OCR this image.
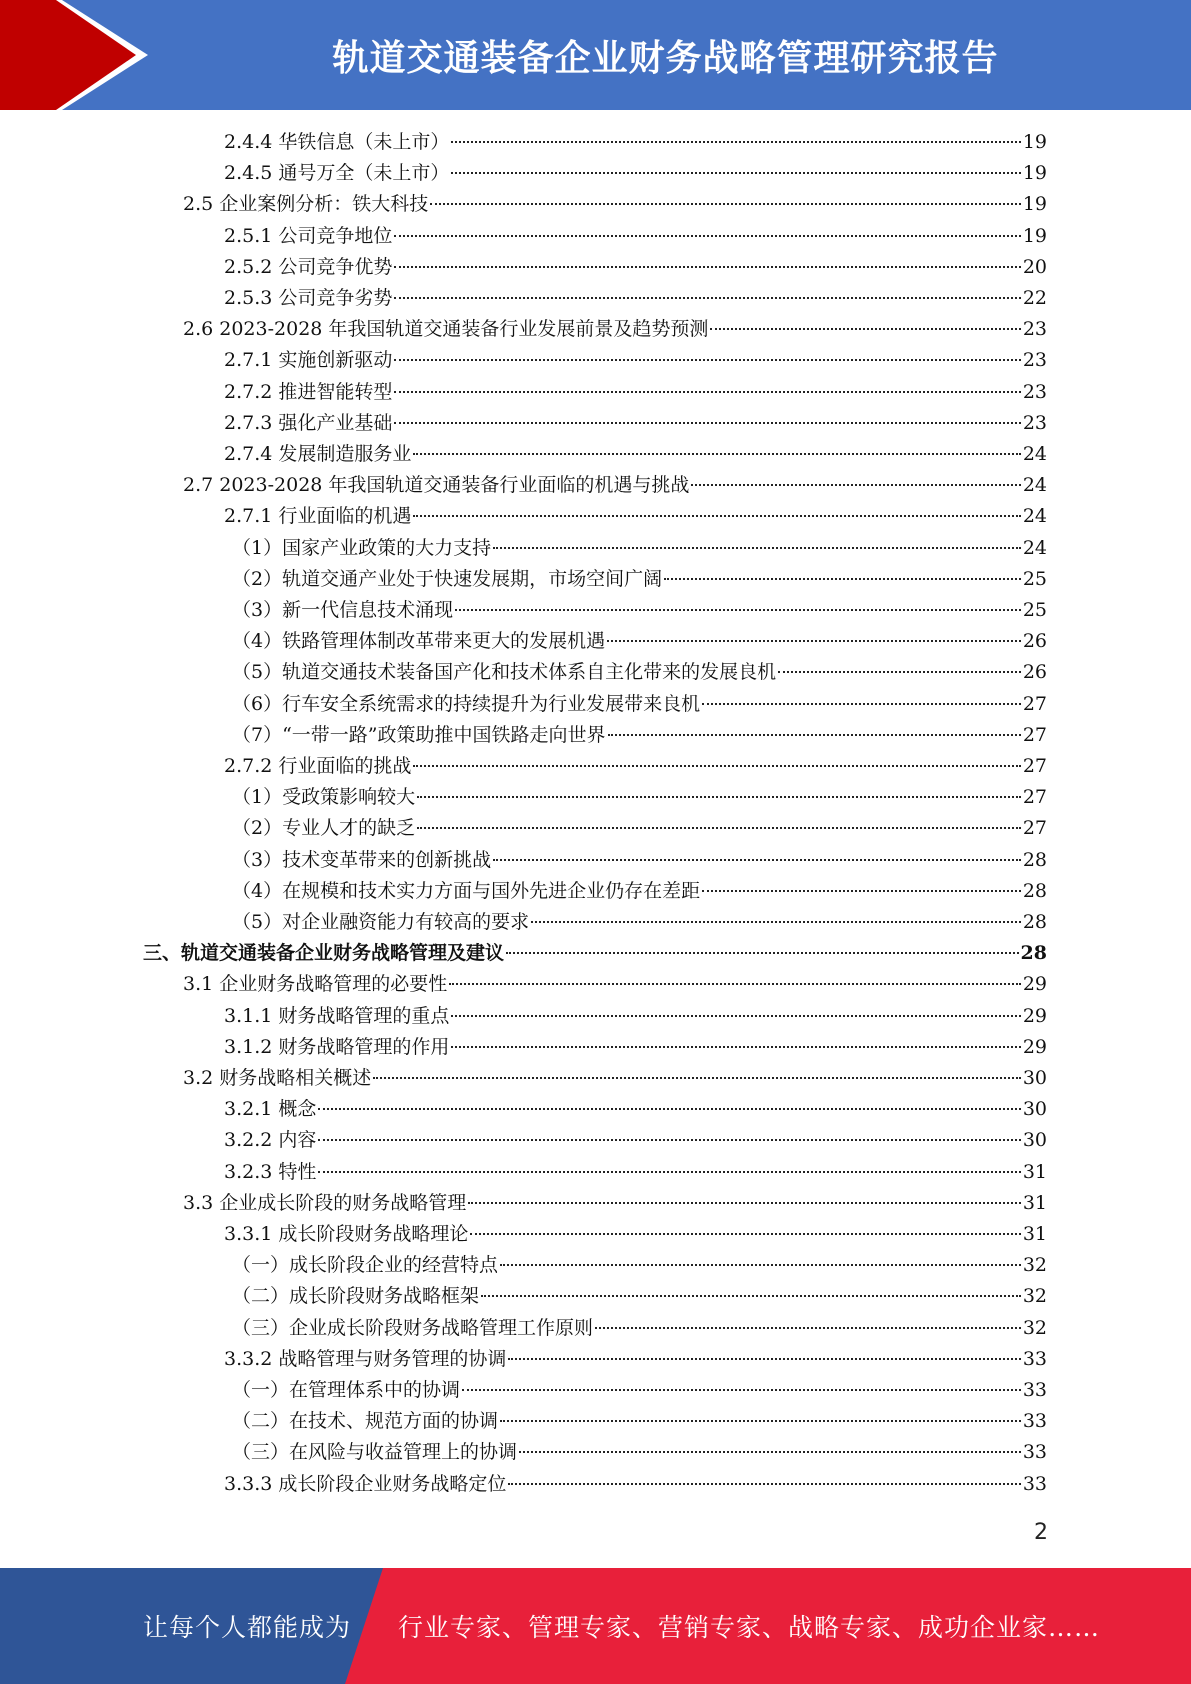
轨道交通装备企业财务战略管理研究报告
2.4.4 华铁信息（未上市）	19
2.4.5 通号万全（未上市）	19
2.5 企业案例分析：铁大科技	19
2.5.1 公司竞争地位	19
2.5.2 公司竞争优势	20
2.5.3 公司竞争劣势	22
2.6 2023-2028 年我国轨道交通装备行业发展前景及趋势预测	23
2.7.1 实施创新驱动	23
2.7.2 推进智能转型	23
2.7.3 强化产业基础	23
2.7.4 发展制造服务业	24
2.7 2023-2028 年我国轨道交通装备行业面临的机遇与挑战	24
2.7.1 行业面临的机遇	24
（1）国家产业政策的大力支持	24
（2）轨道交通产业处于快速发展期，市场空间广阔	25
（3）新一代信息技术涌现	25
（4）铁路管理体制改革带来更大的发展机遇	26
（5）轨道交通技术装备国产化和技术体系自主化带来的发展良机	26
（6）行车安全系统需求的持续提升为行业发展带来良机	27
（7）“一带一路”政策助推中国铁路走向世界	27
2.7.2 行业面临的挑战	27
（1）受政策影响较大	27
（2）专业人才的缺乏	27
（3）技术变革带来的创新挑战	28
（4）在规模和技术实力方面与国外先进企业仍存在差距	28
（5）对企业融资能力有较高的要求	28
三、轨道交通装备企业财务战略管理及建议	28
3.1 企业财务战略管理的必要性	29
3.1.1 财务战略管理的重点	29
3.1.2 财务战略管理的作用	29
3.2 财务战略相关概述	30
3.2.1 概念	30
3.2.2 内容	30
3.2.3 特性	31
3.3 企业成长阶段的财务战略管理	31
3.3.1 成长阶段财务战略理论	31
（一）成长阶段企业的经营特点	32
（二）成长阶段财务战略框架	32
（三）企业成长阶段财务战略管理工作原则	32
3.3.2 战略管理与财务管理的协调	33
（一）在管理体系中的协调	33
（二）在技术、规范方面的协调	33
（三）在风险与收益管理上的协调	33
3.3.3 成长阶段企业财务战略定位	33
2
让每个人都能成为 行业专家、管理专家、营销专家、战略专家、成功企业家……
